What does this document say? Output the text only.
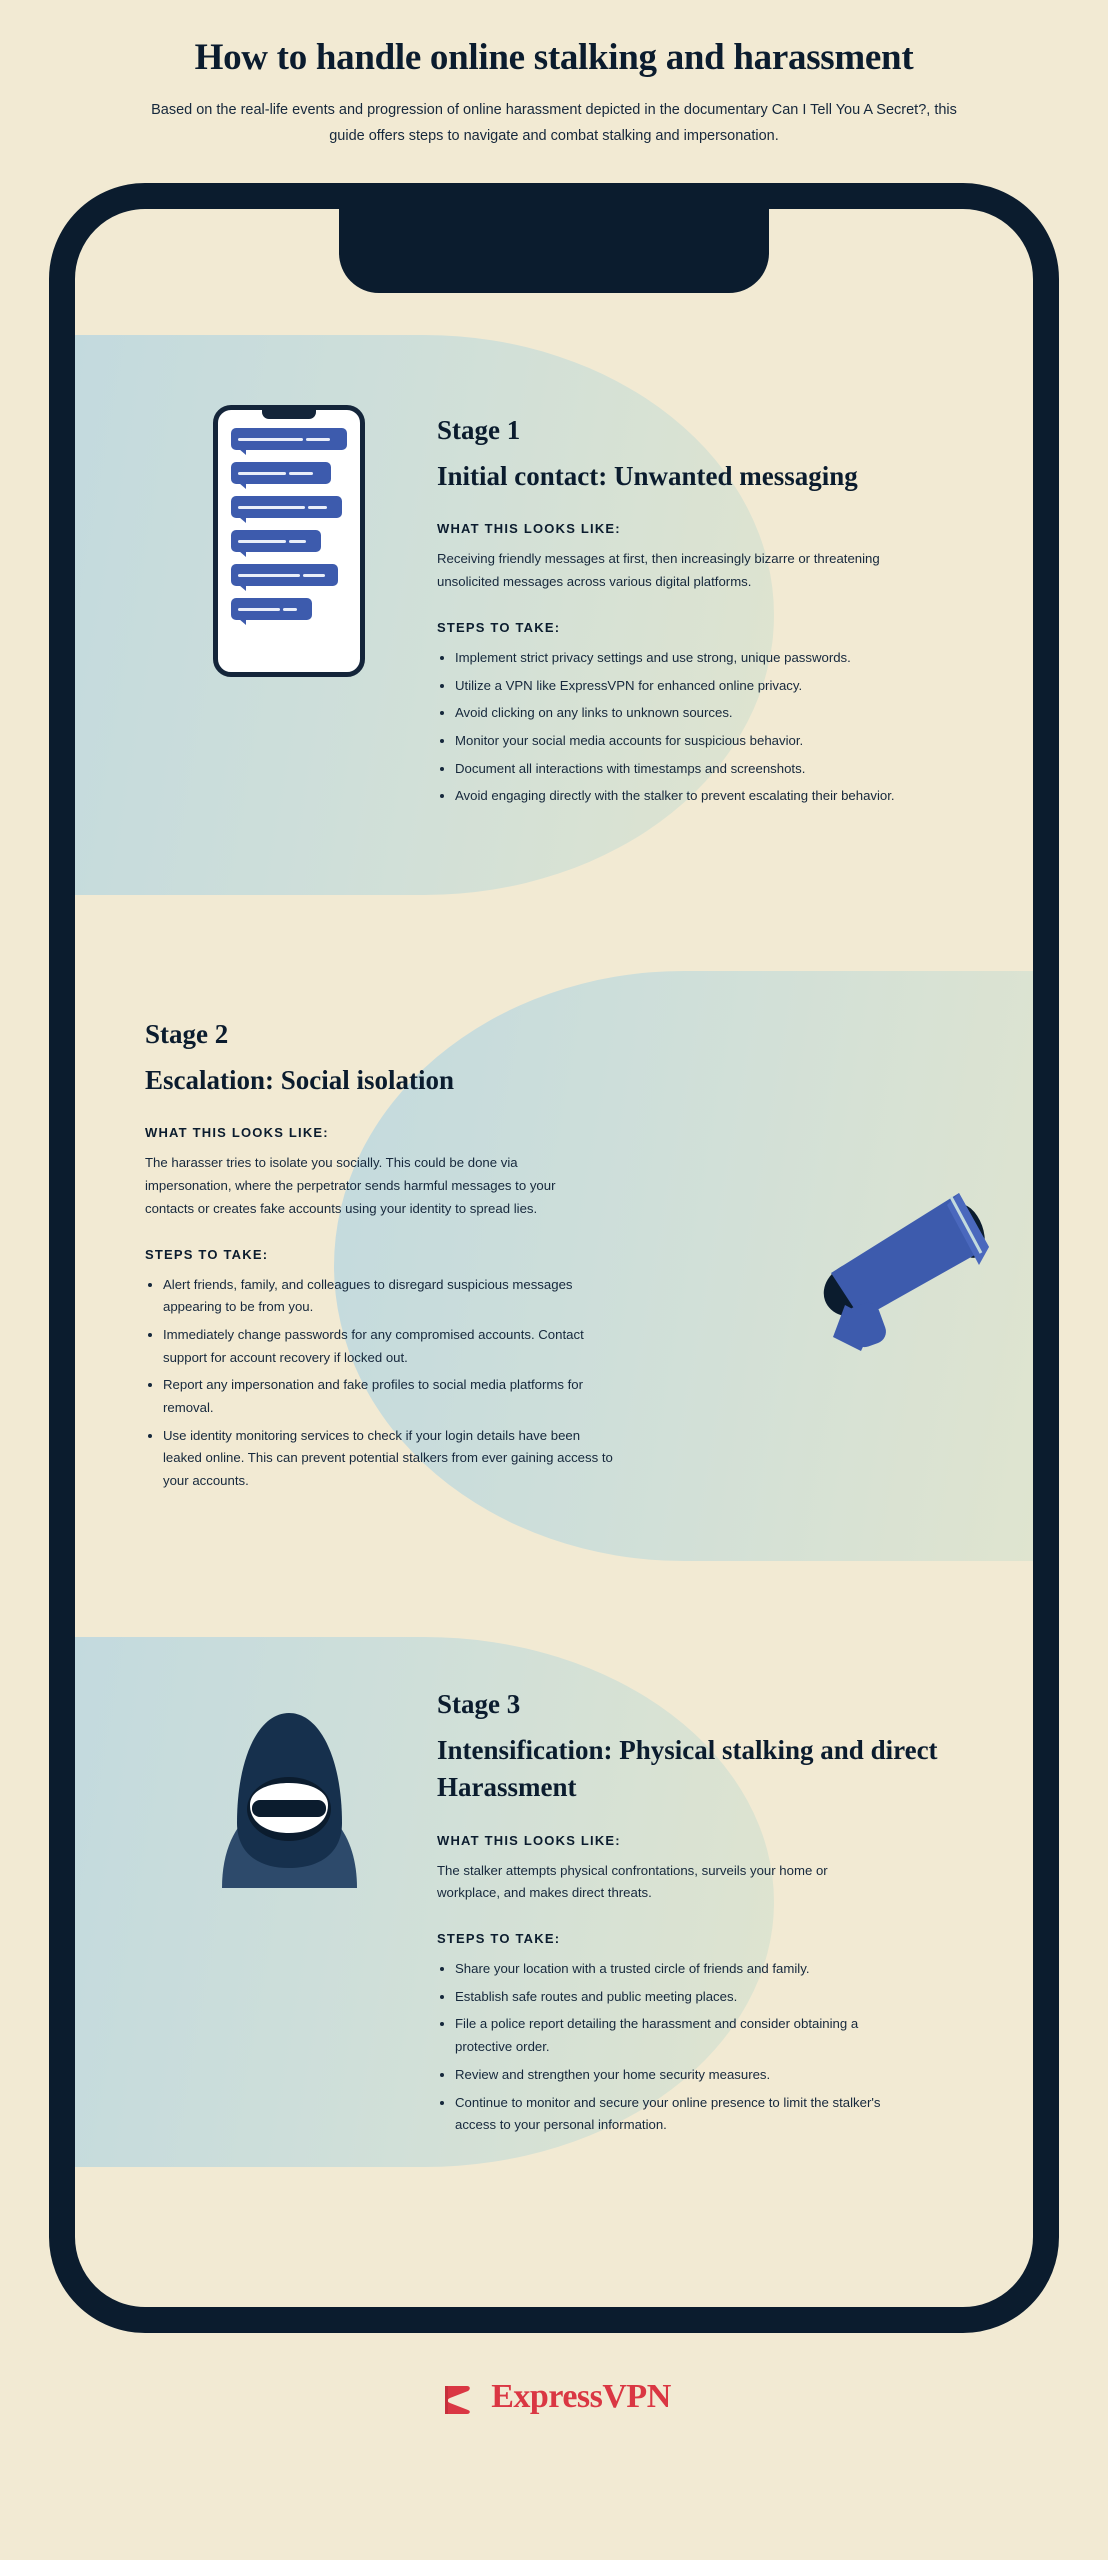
How to handle online stalking and harassment

Based on the real-life events and progression of online harassment depicted in the documentary Can I Tell You A Secret?, this guide offers steps to navigate and combat stalking and impersonation.

Stage 1
Initial contact: Unwanted messaging
WHAT THIS LOOKS LIKE:

Receiving friendly messages at first, then increasingly bizarre or threatening unsolicited messages across various digital platforms.

STEPS TO TAKE:
• Implement strict privacy settings and use strong, unique passwords.
• Utilize a VPN like ExpressVPN for enhanced online privacy.
• Avoid clicking on any links to unknown sources.
• Monitor your social media accounts for suspicious behavior.
• Document all interactions with timestamps and screenshots.
• Avoid engaging directly with the stalker to prevent escalating their behavior.
Stage 2
Escalation: Social isolation
WHAT THIS LOOKS LIKE:

The harasser tries to isolate you socially. This could be done via impersonation, where the perpetrator sends harmful messages to your contacts or creates fake accounts using your identity to spread lies.

STEPS TO TAKE:
• Alert friends, family, and colleagues to disregard suspicious messages appearing to be from you.
• Immediately change passwords for any compromised accounts. Contact support for account recovery if locked out.
• Report any impersonation and fake profiles to social media platforms for removal.
• Use identity monitoring services to check if your login details have been leaked online. This can prevent potential stalkers from ever gaining access to your accounts.
Stage 3
Intensification: Physical stalking and direct Harassment
WHAT THIS LOOKS LIKE:

The stalker attempts physical confrontations, surveils your home or workplace, and makes direct threats.

STEPS TO TAKE:
• Share your location with a trusted circle of friends and family.
• Establish safe routes and public meeting places.
• File a police report detailing the harassment and consider obtaining a protective order.
• Review and strengthen your home security measures.
• Continue to monitor and secure your online presence to limit the stalker's access to your personal information.
ExpressVPN
